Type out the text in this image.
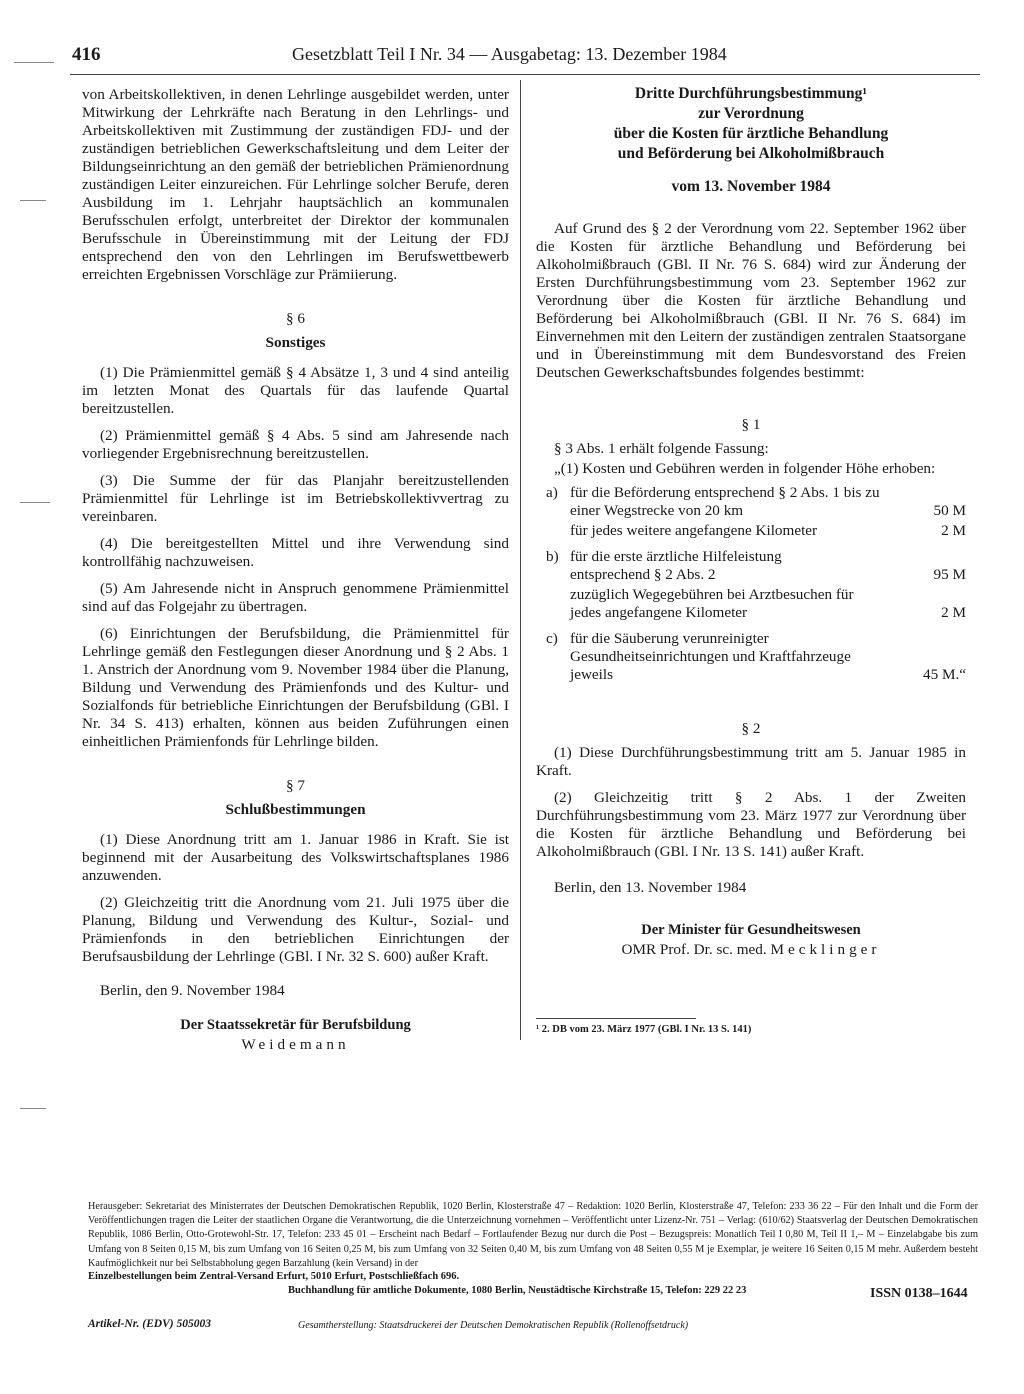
416	Gesetzblatt Teil I Nr. 34 — Ausgabetag: 13. Dezember 1984

von Arbeitskollektiven, in denen Lehrlinge ausgebildet werden, unter Mitwirkung der Lehrkräfte nach Beratung in den Lehrlings- und Arbeitskollektiven mit Zustimmung der zuständigen FDJ- und der zuständigen betrieblichen Gewerkschaftsleitung und dem Leiter der Bildungseinrichtung an den gemäß der betrieblichen Prämienordnung zuständigen Leiter einzureichen. Für Lehrlinge solcher Berufe, deren Ausbildung im 1. Lehrjahr hauptsächlich an kommunalen Berufsschulen erfolgt, unterbreitet der Direktor der kommunalen Berufsschule in Übereinstimmung mit der Leitung der FDJ entsprechend den von den Lehrlingen im Berufswettbewerb erreichten Ergebnissen Vorschläge zur Prämiierung.

§ 6
Sonstiges

(1) Die Prämienmittel gemäß § 4 Absätze 1, 3 und 4 sind anteilig im letzten Monat des Quartals für das laufende Quartal bereitzustellen.

(2) Prämienmittel gemäß § 4 Abs. 5 sind am Jahresende nach vorliegender Ergebnisrechnung bereitzustellen.

(3) Die Summe der für das Planjahr bereitzustellenden Prämienmittel für Lehrlinge ist im Betriebskollektivvertrag zu vereinbaren.

(4) Die bereitgestellten Mittel und ihre Verwendung sind kontrollfähig nachzuweisen.

(5) Am Jahresende nicht in Anspruch genommene Prämienmittel sind auf das Folgejahr zu übertragen.

(6) Einrichtungen der Berufsbildung, die Prämienmittel für Lehrlinge gemäß den Festlegungen dieser Anordnung und § 2 Abs. 1 1. Anstrich der Anordnung vom 9. November 1984 über die Planung, Bildung und Verwendung des Prämienfonds und des Kultur- und Sozialfonds für betriebliche Einrichtungen der Berufsbildung (GBl. I Nr. 34 S. 413) erhalten, können aus beiden Zuführungen einen einheitlichen Prämienfonds für Lehrlinge bilden.

§ 7
Schlußbestimmungen

(1) Diese Anordnung tritt am 1. Januar 1986 in Kraft. Sie ist beginnend mit der Ausarbeitung des Volkswirtschaftsplanes 1986 anzuwenden.

(2) Gleichzeitig tritt die Anordnung vom 21. Juli 1975 über die Planung, Bildung und Verwendung des Kultur-, Sozial- und Prämienfonds in den betrieblichen Einrichtungen der Berufsausbildung der Lehrlinge (GBl. I Nr. 32 S. 600) außer Kraft.

Berlin, den 9. November 1984

Der Staatssekretär für Berufsbildung
Weidemann
Dritte Durchführungsbestimmung¹
zur Verordnung
über die Kosten für ärztliche Behandlung
und Beförderung bei Alkoholmißbrauch
vom 13. November 1984

Auf Grund des § 2 der Verordnung vom 22. September 1962 über die Kosten für ärztliche Behandlung und Beförderung bei Alkoholmißbrauch (GBl. II Nr. 76 S. 684) wird zur Änderung der Ersten Durchführungsbestimmung vom 23. September 1962 zur Verordnung über die Kosten für ärztliche Behandlung und Beförderung bei Alkoholmißbrauch (GBl. II Nr. 76 S. 684) im Einvernehmen mit den Leitern der zuständigen zentralen Staatsorgane und in Übereinstimmung mit dem Bundesvorstand des Freien Deutschen Gewerkschaftsbundes folgendes bestimmt:

§ 1

§ 3 Abs. 1 erhält folgende Fassung:

„(1) Kosten und Gebühren werden in folgender Höhe erhoben:

a) für die Beförderung entsprechend § 2 Abs. 1 bis zu einer Wegstrecke von 20 km	50 M
für jedes weitere angefangene Kilometer	2 M
b) für die erste ärztliche Hilfeleistung entsprechend § 2 Abs. 2	95 M
zuzüglich Wegegebühren bei Arztbesuchen für jedes angefangene Kilometer	2 M
c) für die Säuberung verunreinigter Gesundheitseinrichtungen und Kraftfahrzeuge jeweils	45 M.“
§ 2

(1) Diese Durchführungsbestimmung tritt am 5. Januar 1985 in Kraft.

(2) Gleichzeitig tritt § 2 Abs. 1 der Zweiten Durchführungsbestimmung vom 23. März 1977 zur Verordnung über die Kosten für ärztliche Behandlung und Beförderung bei Alkoholmißbrauch (GBl. I Nr. 13 S. 141) außer Kraft.

Berlin, den 13. November 1984

Der Minister für Gesundheitswesen
OMR Prof. Dr. sc. med. Mecklinger
¹ 2. DB vom 23. März 1977 (GBl. I Nr. 13 S. 141)

Herausgeber: Sekretariat des Ministerrates der Deutschen Demokratischen Republik, 1020 Berlin, Klosterstraße 47 – Redaktion: 1020 Berlin, Klosterstraße 47, Telefon: 233 36 22 – Für den Inhalt und die Form der Veröffentlichungen tragen die Leiter der staatlichen Organe die Verantwortung, die die Unterzeichnung vornehmen – Veröffentlicht unter Lizenz-Nr. 751 – Verlag: (610/62) Staatsverlag der Deutschen Demokratischen Republik, 1086 Berlin, Otto-Grotewohl-Str. 17, Telefon: 233 45 01 – Erscheint nach Bedarf – Fortlaufender Bezug nur durch die Post – Bezugspreis: Monatlich Teil I 0,80 M, Teil II 1,– M – Einzelabgabe bis zum Umfang von 8 Seiten 0,15 M, bis zum Umfang von 16 Seiten 0,25 M, bis zum Umfang von 32 Seiten 0,40 M, bis zum Umfang von 48 Seiten 0,55 M je Exemplar, je weitere 16 Seiten 0,15 M mehr. Außerdem besteht Kaufmöglichkeit nur bei Selbstabholung gegen Barzahlung (kein Versand) in der

Einzelbestellungen beim Zentral-Versand Erfurt, 5010 Erfurt, Postschließfach 696.
Buchhandlung für amtliche Dokumente, 1080 Berlin, Neustädtische Kirchstraße 15, Telefon: 229 22 23	ISSN 0138–1644
Artikel-Nr. (EDV) 505003	Gesamtherstellung: Staatsdruckerei der Deutschen Demokratischen Republik (Rollenoffsetdruck)
